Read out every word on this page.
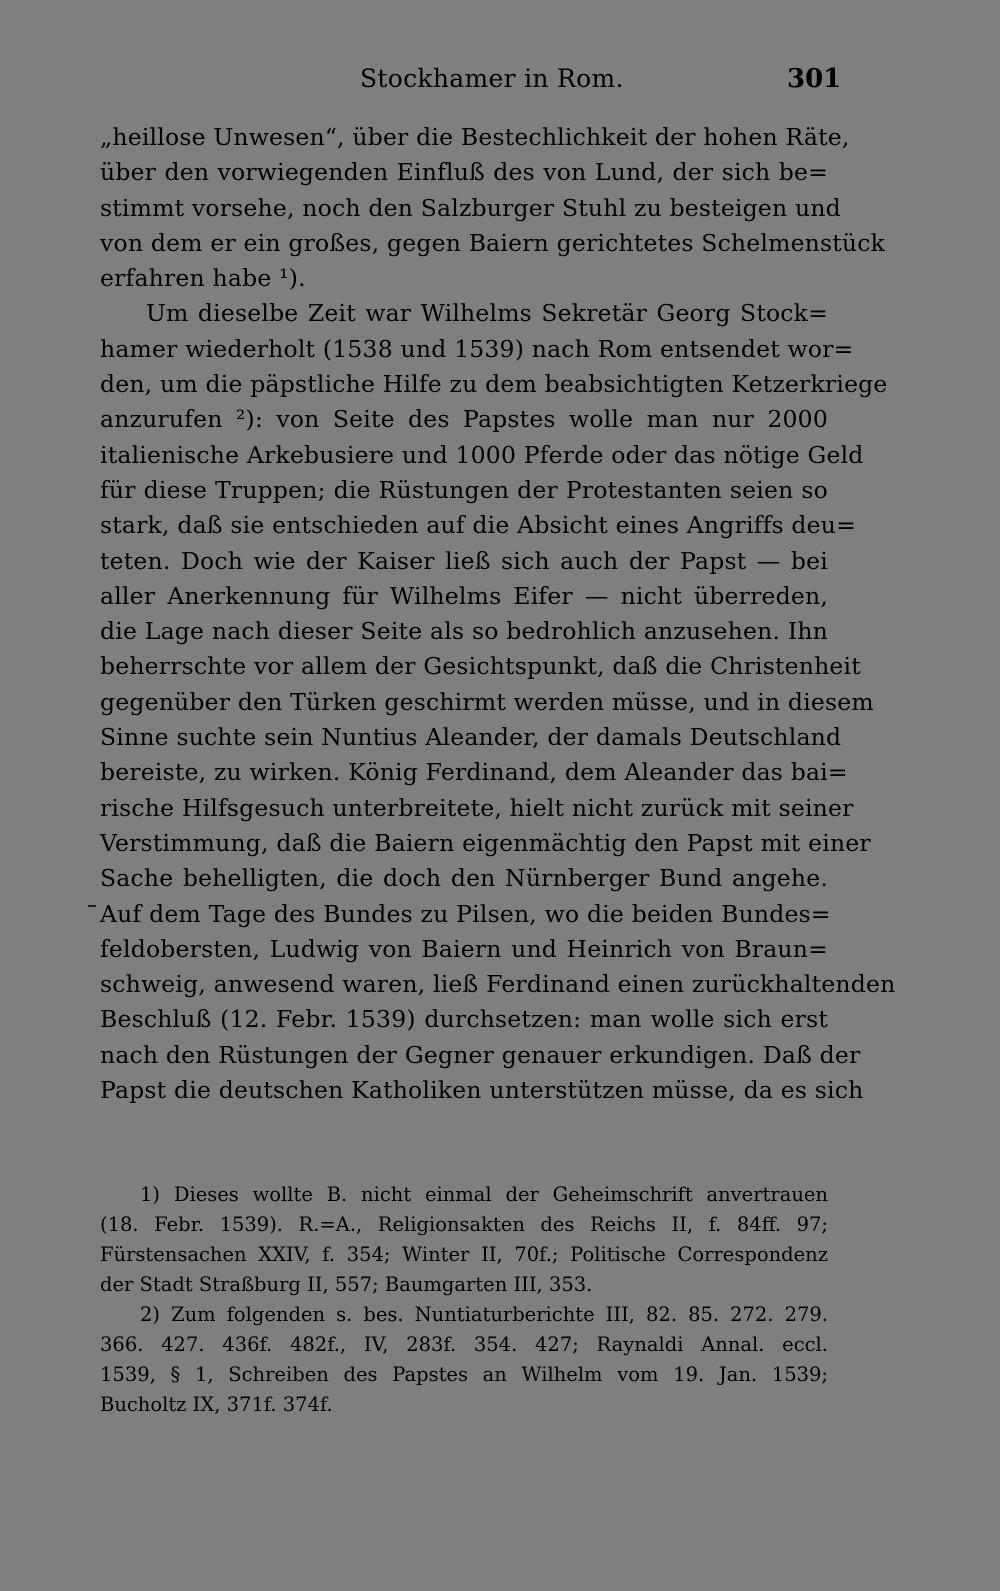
Stockhamer in Rom.	301
„heillose Unwesen“, über die Bestechlichkeit der hohen Räte,
über den vorwiegenden Einfluß des von Lund, der sich be=
stimmt vorsehe, noch den Salzburger Stuhl zu besteigen und
von dem er ein großes, gegen Baiern gerichtetes Schelmenstück
erfahren habe ¹).
Um dieselbe Zeit war Wilhelms Sekretär Georg Stock=
hamer wiederholt (1538 und 1539) nach Rom entsendet wor=
den, um die päpstliche Hilfe zu dem beabsichtigten Ketzerkriege
anzurufen ²): von Seite des Papstes wolle man nur 2000
italienische Arkebusiere und 1000 Pferde oder das nötige Geld
für diese Truppen; die Rüstungen der Protestanten seien so
stark, daß sie entschieden auf die Absicht eines Angriffs deu=
teten. Doch wie der Kaiser ließ sich auch der Papst — bei
aller Anerkennung für Wilhelms Eifer — nicht überreden,
die Lage nach dieser Seite als so bedrohlich anzusehen. Ihn
beherrschte vor allem der Gesichtspunkt, daß die Christenheit
gegenüber den Türken geschirmt werden müsse, und in diesem
Sinne suchte sein Nuntius Aleander, der damals Deutschland
bereiste, zu wirken. König Ferdinand, dem Aleander das bai=
rische Hilfsgesuch unterbreitete, hielt nicht zurück mit seiner
Verstimmung, daß die Baiern eigenmächtig den Papst mit einer
Sache behelligten, die doch den Nürnberger Bund angehe.
Auf dem Tage des Bundes zu Pilsen, wo die beiden Bundes=
feldobersten, Ludwig von Baiern und Heinrich von Braun=
schweig, anwesend waren, ließ Ferdinand einen zurückhaltenden
Beschluß (12. Febr. 1539) durchsetzen: man wolle sich erst
nach den Rüstungen der Gegner genauer erkundigen. Daß der
Papst die deutschen Katholiken unterstützen müsse, da es sich
1) Dieses wollte B. nicht einmal der Geheimschrift anvertrauen
(18. Febr. 1539). R.=A., Religionsakten des Reichs II, f. 84ff. 97;
Fürstensachen XXIV, f. 354; Winter II, 70f.; Politische Correspondenz
der Stadt Straßburg II, 557; Baumgarten III, 353.
2) Zum folgenden s. bes. Nuntiaturberichte III, 82. 85. 272. 279.
366. 427. 436f. 482f., IV, 283f. 354. 427; Raynaldi Annal. eccl.
1539, § 1, Schreiben des Papstes an Wilhelm vom 19. Jan. 1539;
Bucholtz IX, 371f. 374f.
